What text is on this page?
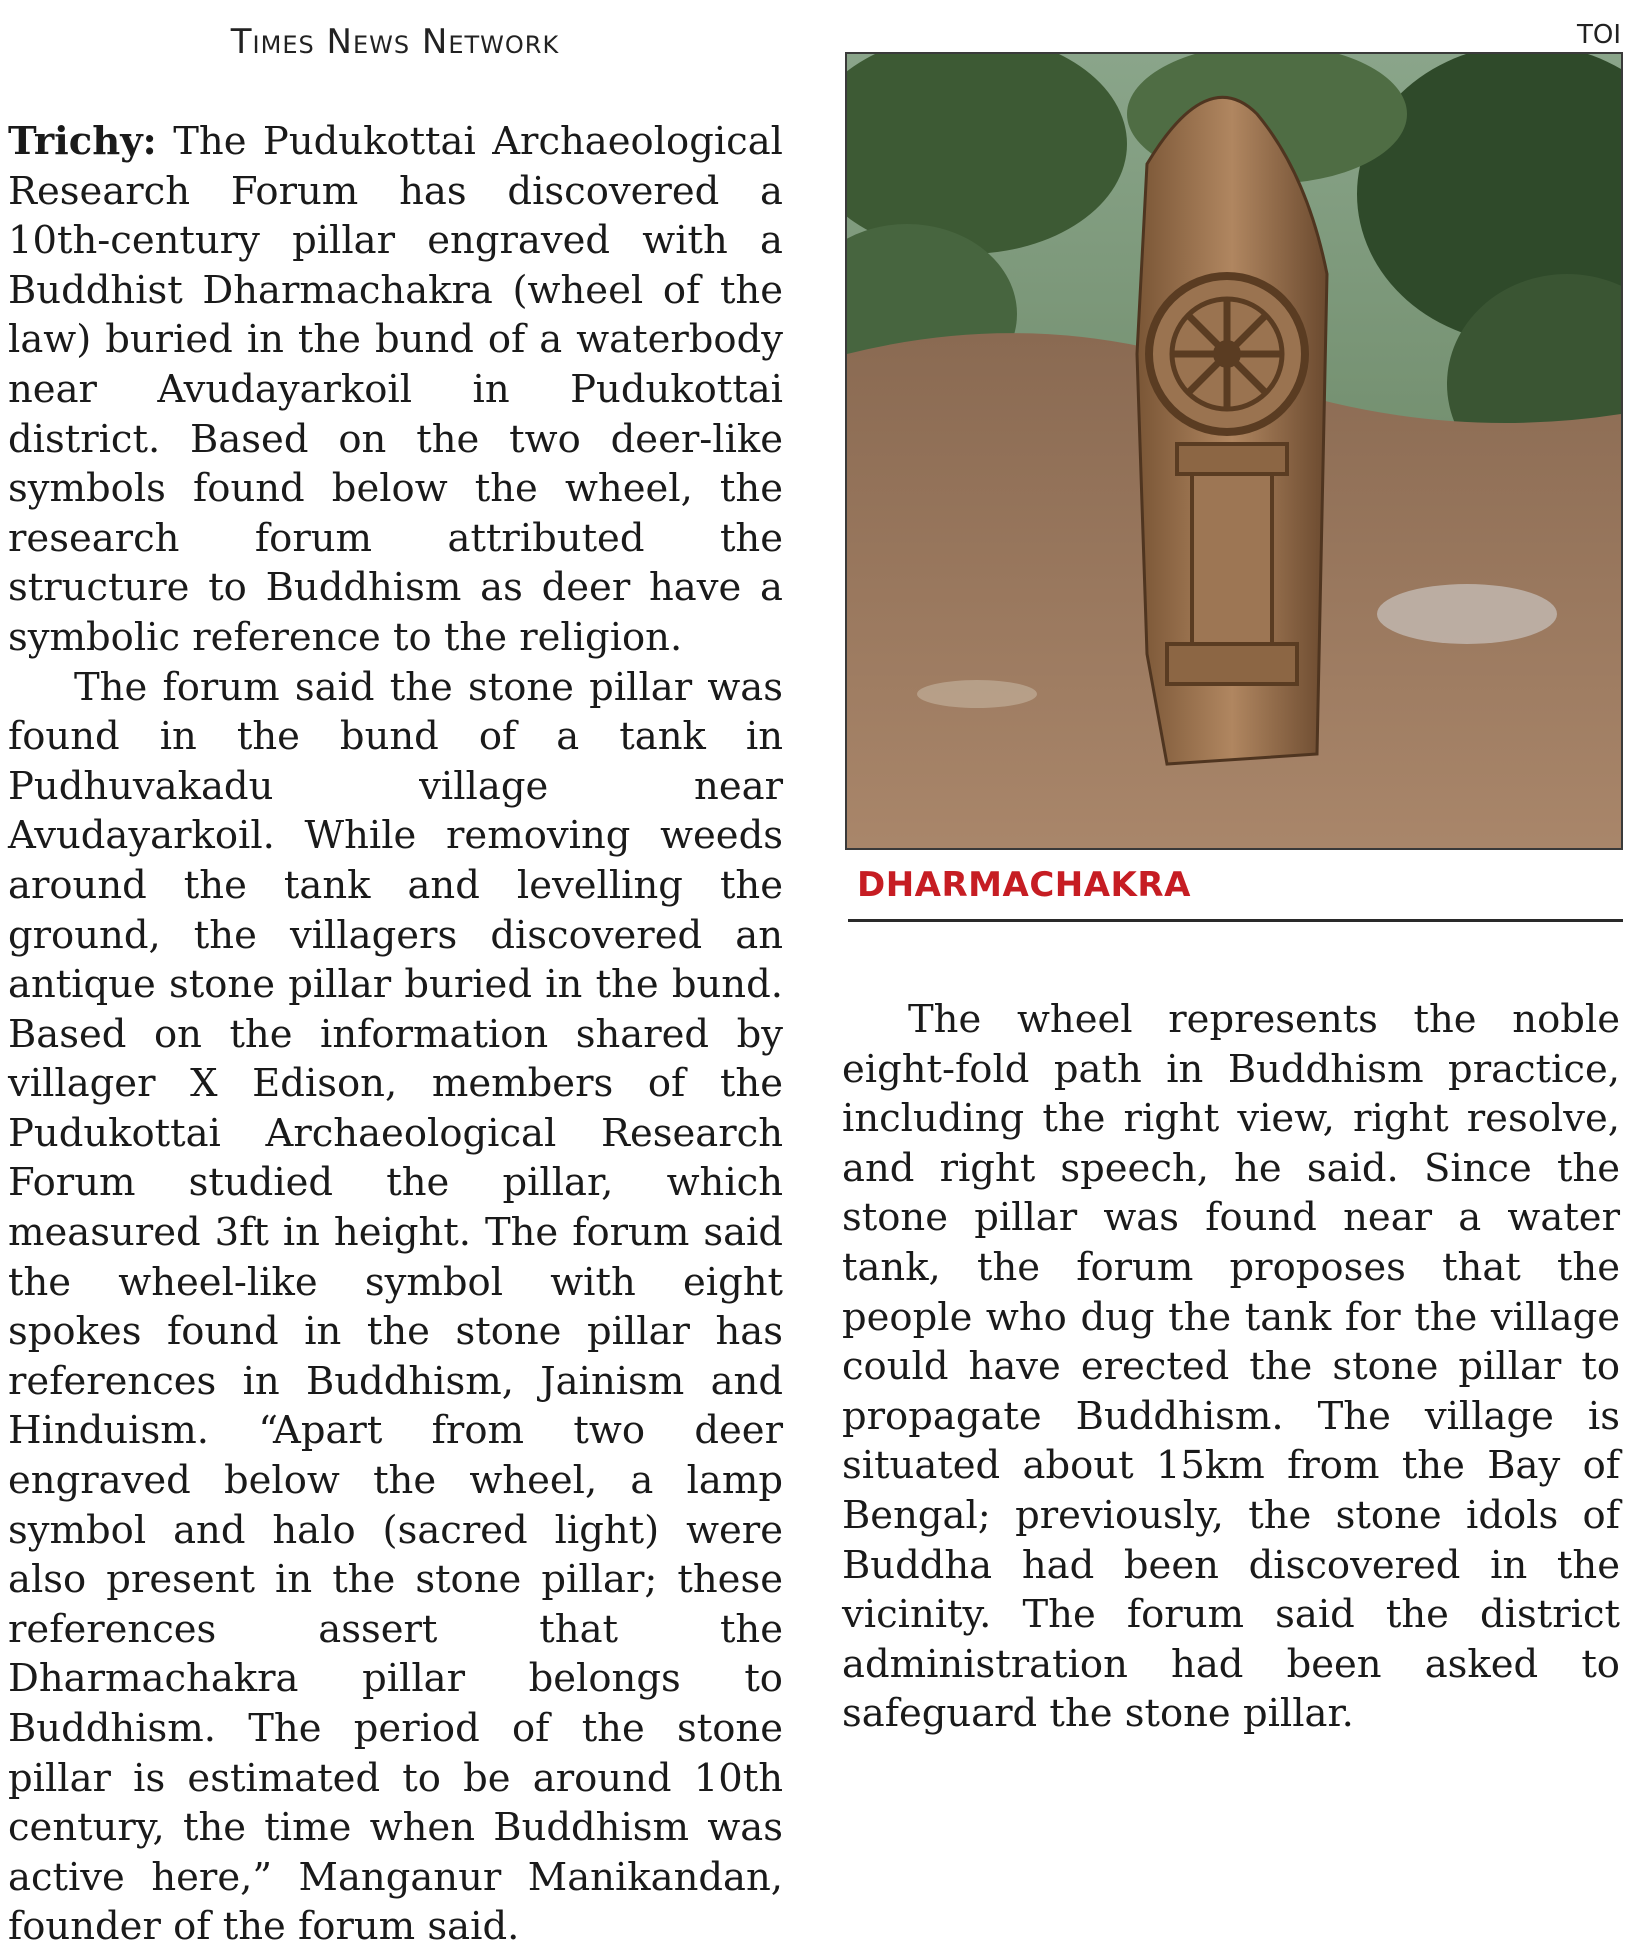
Times News Network	TOI

Trichy: The Pudukottai Archaeological Research Forum has discovered a 10th-century pillar engraved with a Buddhist Dharmachakra (wheel of the law) buried in the bund of a waterbody near Avudayarkoil in Pudukottai district. Based on the two deer-like symbols found below the wheel, the research forum attributed the structure to Buddhism as deer have a symbolic reference to the religion.

The forum said the stone pillar was found in the bund of a tank in Pudhuvakadu village near Avudayarkoil. While removing weeds around the tank and levelling the ground, the villagers discovered an antique stone pillar buried in the bund. Based on the information shared by villager X Edison, members of the Pudukottai Archaeological Research Forum studied the pillar, which measured 3ft in height. The forum said the wheel-like symbol with eight spokes found in the stone pillar has references in Buddhism, Jainism and Hinduism. “Apart from two deer engraved below the wheel, a lamp symbol and halo (sacred light) were also present in the stone pillar; these references assert that the Dharmachakra pillar belongs to Buddhism. The period of the stone pillar is estimated to be around 10th century, the time when Buddhism was active here,” Manganur Manikandan, founder of the forum said.

DHARMACHAKRA

The wheel represents the noble eight-fold path in Buddhism practice, including the right view, right resolve, and right speech, he said. Since the stone pillar was found near a water tank, the forum proposes that the people who dug the tank for the village could have erected the stone pillar to propagate Buddhism. The village is situated about 15km from the Bay of Bengal; previously, the stone idols of Buddha had been discovered in the vicinity. The forum said the district administration had been asked to safeguard the stone pillar.
